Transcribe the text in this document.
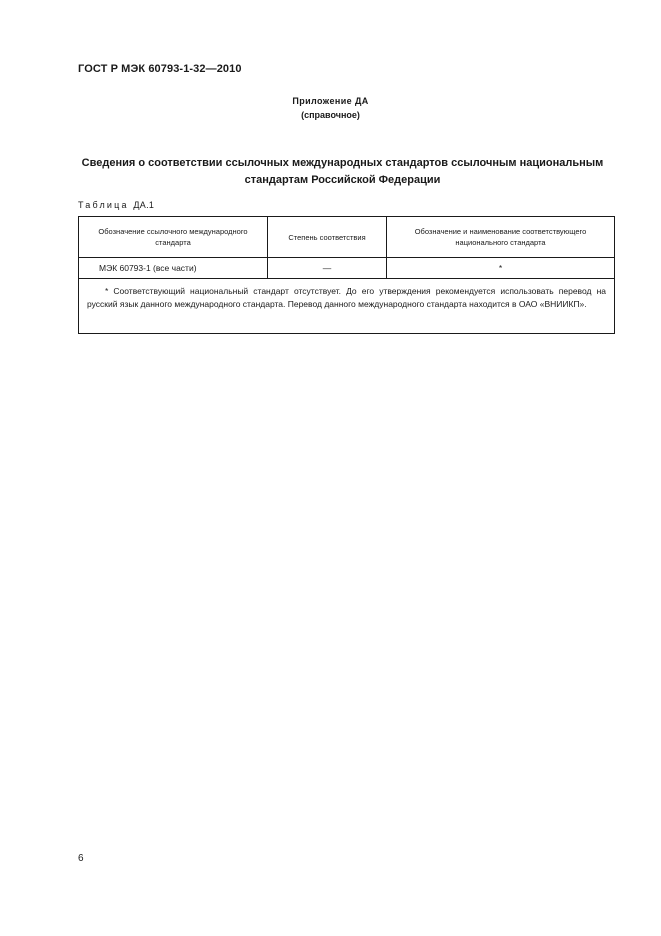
ГОСТ Р МЭК 60793-1-32—2010
Приложение ДА
(справочное)
Сведения о соответствии ссылочных международных стандартов ссылочным национальным
стандартам Российской Федерации
Таблица ДА.1
Обозначение ссылочного международного стандарта	Степень соответствия	Обозначение и наименование соответствующего национального стандарта
МЭК 60793-1 (все части)	—	*

* Соответствующий национальный стандарт отсутствует. До его утверждения рекомендуется использовать перевод на русский язык данного международного стандарта. Перевод данного международного стандарта находится в ОАО «ВНИИКП».		
6
